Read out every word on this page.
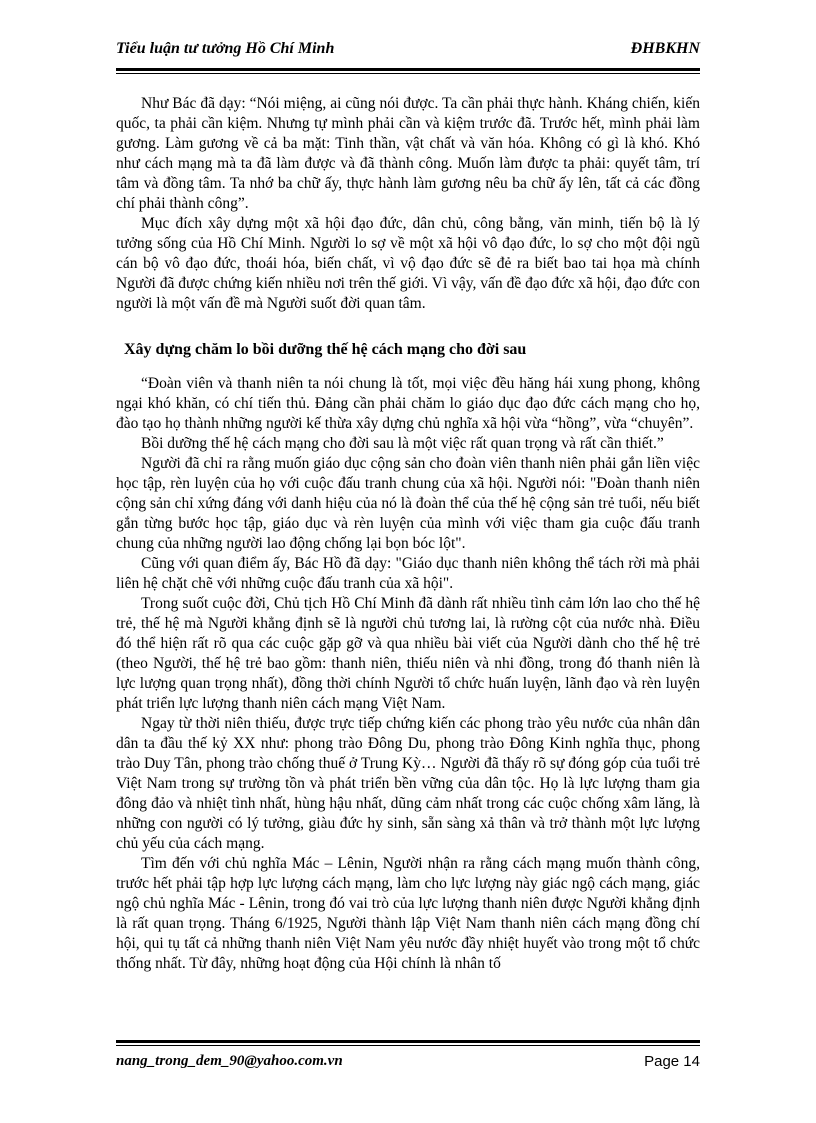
Tiểu luận tư tưởng Hồ Chí Minh	ĐHBKHN

Như Bác đã dạy: “Nói miệng, ai cũng nói được. Ta cần phải thực hành. Kháng chiến, kiến quốc, ta phải cần kiệm. Nhưng tự mình phải cần và kiệm trước đã. Trước hết, mình phải làm gương. Làm gương về cả ba mặt: Tinh thần, vật chất và văn hóa. Không có gì là khó. Khó như cách mạng mà ta đã làm được và đã thành công. Muốn làm được ta phải: quyết tâm, trí tâm và đồng tâm. Ta nhớ ba chữ ấy, thực hành làm gương nêu ba chữ ấy lên, tất cả các đồng chí phải thành công”.

Mục đích xây dựng một xã hội đạo đức, dân chủ, công bằng, văn minh, tiến bộ là lý tưởng sống của Hồ Chí Minh. Người lo sợ về một xã hội vô đạo đức, lo sợ cho một đội ngũ cán bộ vô đạo đức, thoái hóa, biến chất, vì vộ đạo đức sẽ đẻ ra biết bao tai họa mà chính Người đã được chứng kiến nhiều nơi trên thế giới. Vì vậy, vấn đề đạo đức xã hội, đạo đức con người là một vấn đề mà Người suốt đời quan tâm.

Xây dựng chăm lo bồi dưỡng thế hệ cách mạng cho đời sau

“Đoàn viên và thanh niên ta nói chung là tốt, mọi việc đều hăng hái xung phong, không ngại khó khăn, có chí tiến thủ. Đảng cần phải chăm lo giáo dục đạo đức cách mạng cho họ, đào tạo họ thành những người kế thừa xây dựng chủ nghĩa xã hội vừa “hồng”, vừa “chuyên”.

Bồi dưỡng thế hệ cách mạng cho đời sau là một việc rất quan trọng và rất cần thiết.”

Người đã chỉ ra rằng muốn giáo dục cộng sản cho đoàn viên thanh niên phải gắn liền việc học tập, rèn luyện của họ với cuộc đấu tranh chung của xã hội. Người nói: "Đoàn thanh niên cộng sản chỉ xứng đáng với danh hiệu của nó là đoàn thể của thế hệ cộng sản trẻ tuổi, nếu biết gắn từng bước học tập, giáo dục và rèn luyện của mình với việc tham gia cuộc đấu tranh chung của những người lao động chống lại bọn bóc lột".

Cũng với quan điểm ấy, Bác Hồ đã dạy: "Giáo dục thanh niên không thể tách rời mà phải liên hệ chặt chẽ với những cuộc đấu tranh của xã hội".

Trong suốt cuộc đời, Chủ tịch Hồ Chí Minh đã dành rất nhiều tình cảm lớn lao cho thế hệ trẻ, thế hệ mà Người khẳng định sẽ là người chủ tương lai, là rường cột của nước nhà. Điều đó thể hiện rất rõ qua các cuộc gặp gỡ và qua nhiều bài viết của Người dành cho thế hệ trẻ (theo Người, thế hệ trẻ bao gồm: thanh niên, thiếu niên và nhi đồng, trong đó thanh niên là lực lượng quan trọng nhất), đồng thời chính Người tổ chức huấn luyện, lãnh đạo và rèn luyện phát triển lực lượng thanh niên cách mạng Việt Nam.

Ngay từ thời niên thiếu, được trực tiếp chứng kiến các phong trào yêu nước của nhân dân dân ta đầu thế kỷ XX như: phong trào Đông Du, phong trào Đông Kinh nghĩa thục, phong trào Duy Tân, phong trào chống thuế ở Trung Kỳ… Người đã thấy rõ sự đóng góp của tuổi trẻ Việt Nam trong sự trường tồn và phát triển bền vững của dân tộc. Họ là lực lượng tham gia đông đảo và nhiệt tình nhất, hùng hậu nhất, dũng cảm nhất trong các cuộc chống xâm lăng, là những con người có lý tưởng, giàu đức hy sinh, sẵn sàng xả thân và trở thành một lực lượng chủ yếu của cách mạng.

Tìm đến với chủ nghĩa Mác – Lênin, Người nhận ra rằng cách mạng muốn thành công, trước hết phải tập hợp lực lượng cách mạng, làm cho lực lượng này giác ngộ cách mạng, giác ngộ chủ nghĩa Mác - Lênin, trong đó vai trò của lực lượng thanh niên được Người khẳng định là rất quan trọng. Tháng 6/1925, Người thành lập Việt Nam thanh niên cách mạng đồng chí hội, qui tụ tất cả những thanh niên Việt Nam yêu nước đầy nhiệt huyết vào trong một tổ chức thống nhất. Từ đây, những hoạt động của Hội chính là nhân tố

nang_trong_dem_90@yahoo.com.vn	Page 14
